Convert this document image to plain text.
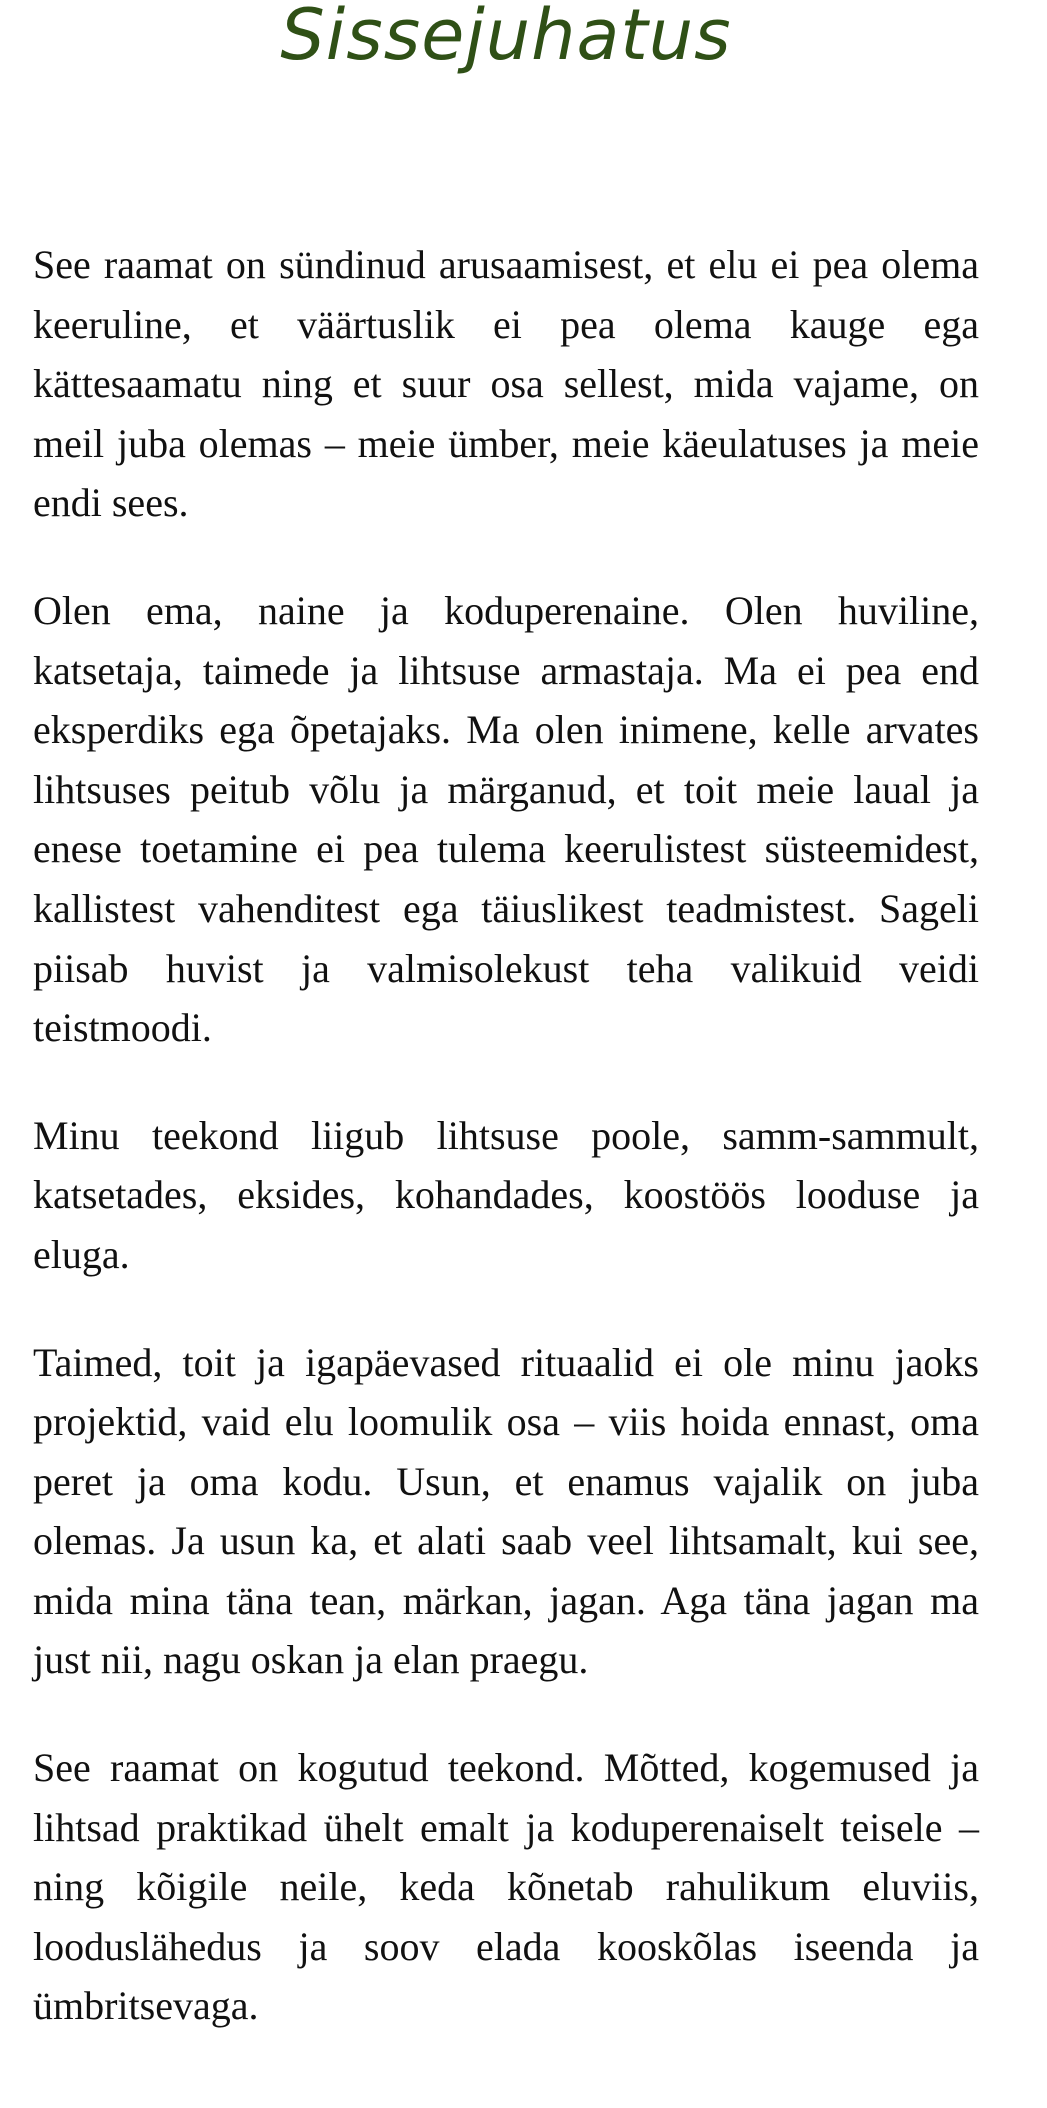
Sissejuhatus

See raamat on sündinud arusaamisest, et elu ei pea olema keeruline, et väärtuslik ei pea olema kauge ega kättesaamatu ning et suur osa sellest, mida vajame, on meil juba olemas – meie ümber, meie käeulatuses ja meie endi sees.

Olen ema, naine ja koduperenaine. Olen huviline, katsetaja, taimede ja lihtsuse armastaja. Ma ei pea end eksperdiks ega õpetajaks. Ma olen inimene, kelle arvates lihtsuses peitub võlu ja märganud, et toit meie laual ja enese toetamine ei pea tulema keerulistest süsteemidest, kallistest vahenditest ega täiuslikest teadmistest. Sageli piisab huvist ja valmisolekust teha valikuid veidi teistmoodi.

Minu teekond liigub lihtsuse poole, samm-sammult, katsetades, eksides, kohandades, koostöös looduse ja eluga.

Taimed, toit ja igapäevased rituaalid ei ole minu jaoks projektid, vaid elu loomulik osa – viis hoida ennast, oma peret ja oma kodu. Usun, et enamus vajalik on juba olemas. Ja usun ka, et alati saab veel lihtsamalt, kui see, mida mina täna tean, märkan, jagan. Aga täna jagan ma just nii, nagu oskan ja elan praegu.

See raamat on kogutud teekond. Mõtted, kogemused ja lihtsad praktikad ühelt emalt ja koduperenaiselt teisele – ning kõigile neile, keda kõnetab rahulikum eluviis, looduslähedus ja soov elada kooskõlas iseenda ja ümbritsevaga.
